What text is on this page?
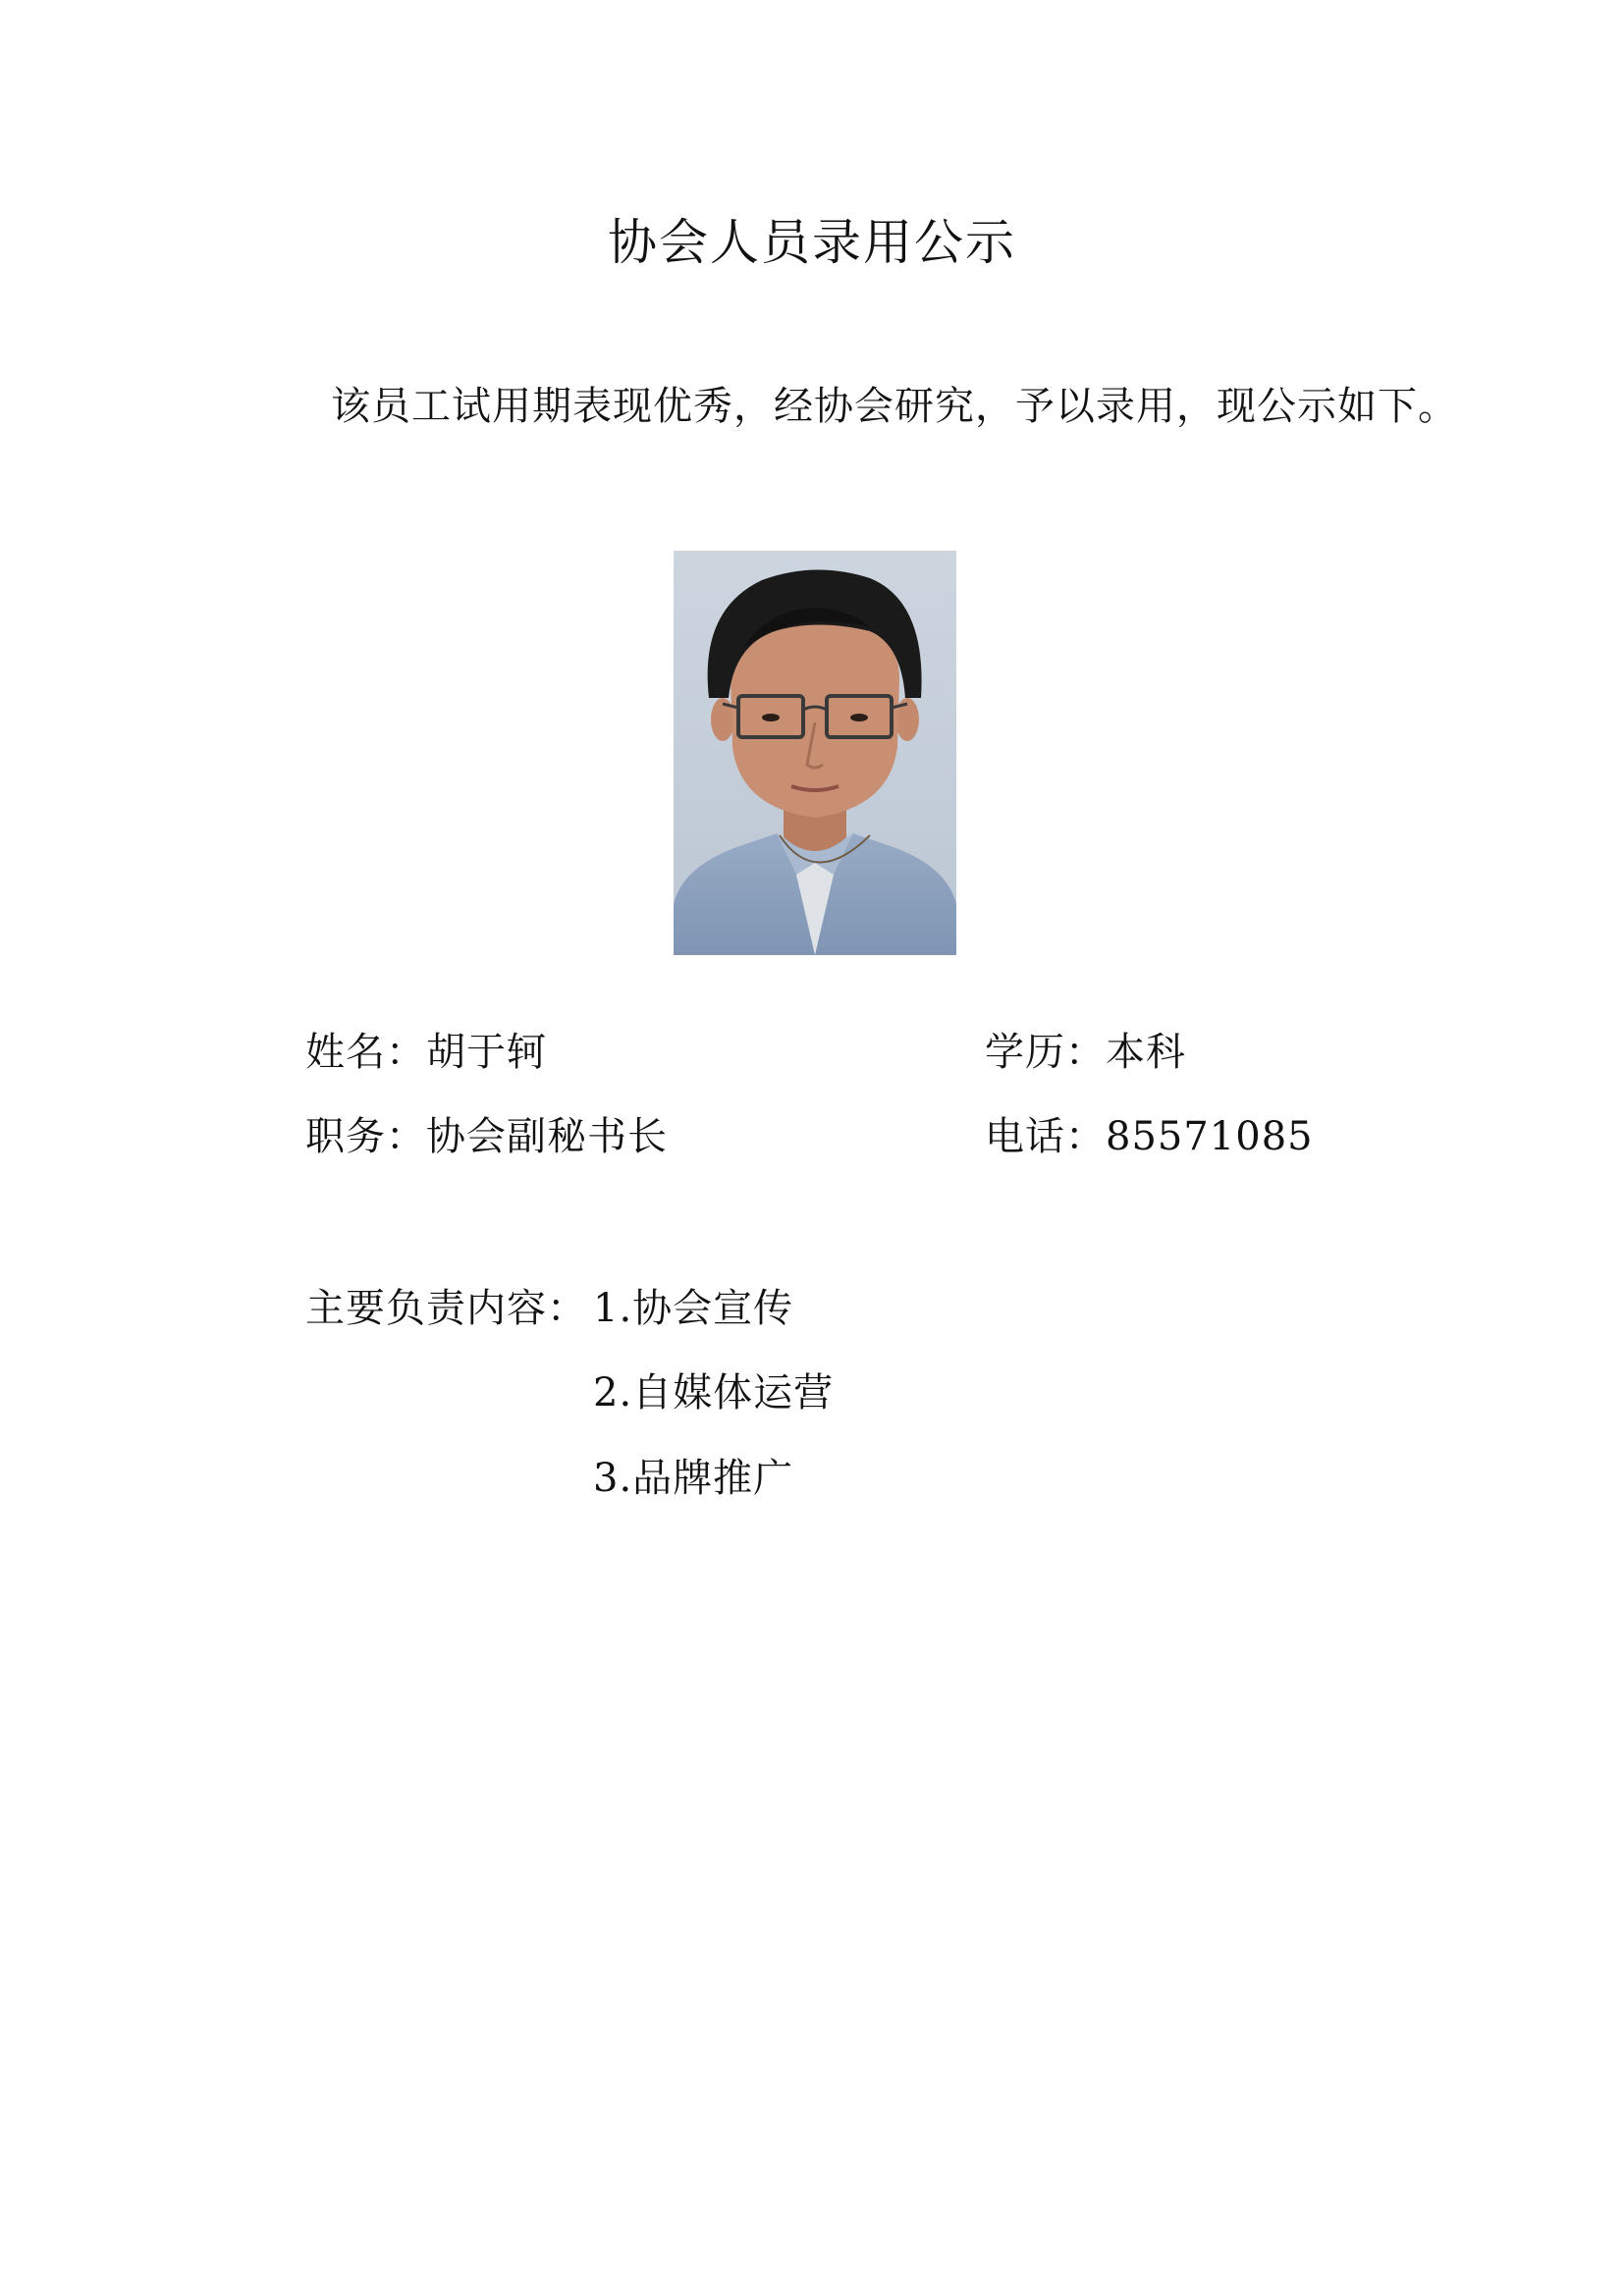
协会人员录用公示
该员工试用期表现优秀，经协会研究，予以录用，现公示如下。
姓名：胡于轲	学历：本科
职务：协会副秘书长	电话：85571085
主要负责内容： 1.协会宣传
2.自媒体运营
3.品牌推广
